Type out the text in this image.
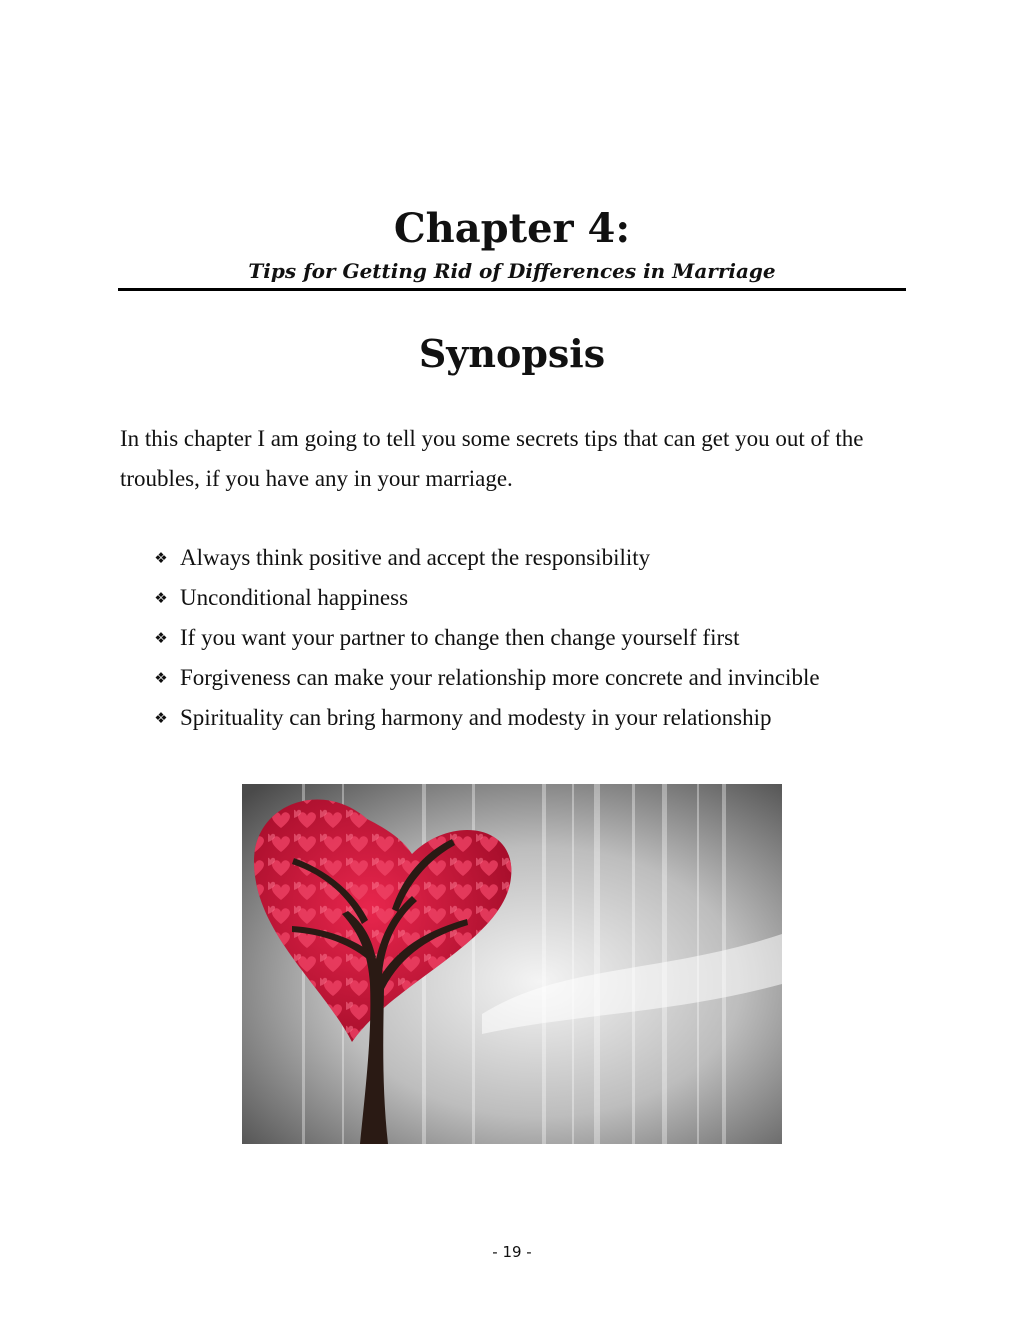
Chapter 4:
Tips for Getting Rid of Differences in Marriage
Synopsis

In this chapter I am going to tell you some secrets tips that can get you out of the troubles, if you have any in your marriage.

❖ Always think positive and accept the responsibility
❖ Unconditional happiness
❖ If you want your partner to change then change yourself first
❖ Forgiveness can make your relationship more concrete and invincible
❖ Spirituality can bring harmony and modesty in your relationship
- 19 -
